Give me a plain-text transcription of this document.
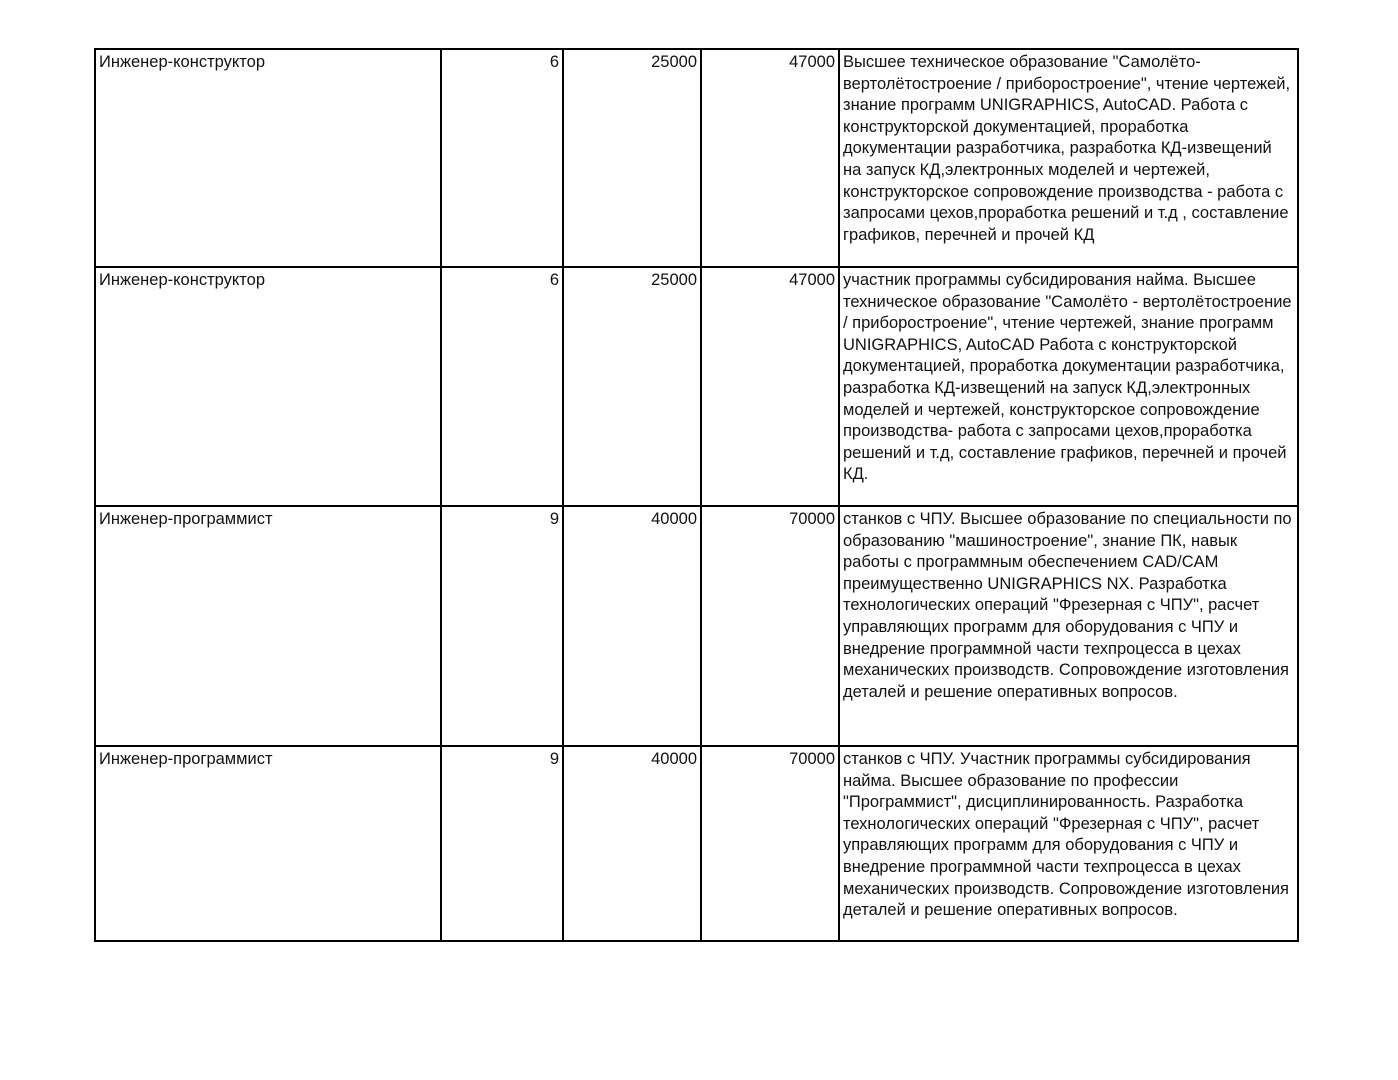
Инженер-конструктор	6	25000	47000	Высшее техническое образование "Самолёто-вертолётостроение / приборостроение", чтение чертежей, знание программ UNIGRAPHICS, AutoCAD. Работа с конструкторской документацией, проработка документации разработчика, разработка КД-извещений на запуск КД,электронных моделей и чертежей, конструкторское сопровождение производства - работа с запросами цехов,проработка решений и т.д , составление графиков, перечней и прочей КД
Инженер-конструктор	6	25000	47000	участник программы субсидирования найма. Высшее техническое образование "Самолёто - вертолётостроение / приборостроение", чтение чертежей, знание программ UNIGRAPHICS, AutoCAD Работа с конструкторской документацией, проработка документации разработчика, разработка КД-извещений на запуск КД,электронных моделей и чертежей, конструкторское сопровождение производства- работа с запросами цехов,проработка решений и т.д, составление графиков, перечней и прочей КД.
Инженер-программист	9	40000	70000	станков с ЧПУ. Высшее образование по специальности по образованию "машиностроение", знание ПК, навык работы с программным обеспечением CAD/CAM преимущественно UNIGRAPHICS NX. Разработка технологических операций "Фрезерная с ЧПУ", расчет управляющих программ для оборудования с ЧПУ и внедрение программной части техпроцесса в цехах механических производств. Сопровождение изготовления деталей и решение оперативных вопросов.
Инженер-программист	9	40000	70000	станков с ЧПУ. Участник программы субсидирования найма. Высшее образование по профессии "Программист", дисциплинированность. Разработка технологических операций "Фрезерная с ЧПУ", расчет управляющих программ для оборудования с ЧПУ и внедрение программной части техпроцесса в цехах механических производств. Сопровождение изготовления деталей и решение оперативных вопросов.
